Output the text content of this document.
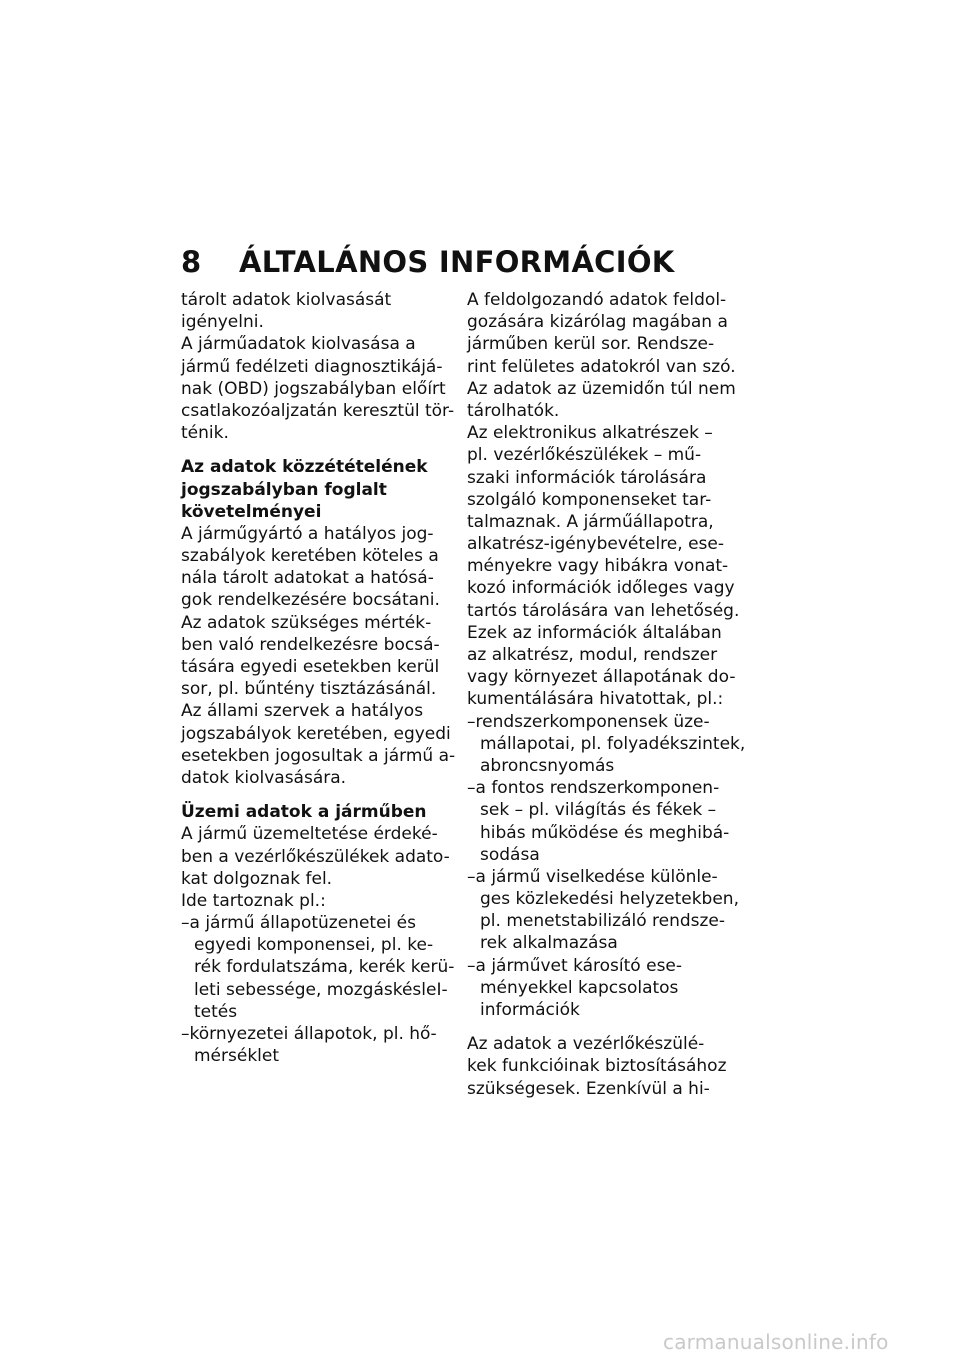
8 ÁLTALÁNOS INFORMÁCIÓK
tárolt adatok kiolvasását
igényelni.
A járműadatok kiolvasása a
jármű fedélzeti diagnosztikájá-
nak (OBD) jogszabályban előírt
csatlakozóaljzatán keresztül tör-
ténik.
Az adatok közzétételének
jogszabályban foglalt
követelményei
A járműgyártó a hatályos jog-
szabályok keretében köteles a
nála tárolt adatokat a hatósá-
gok rendelkezésére bocsátani.
Az adatok szükséges mérték-
ben való rendelkezésre bocsá-
tására egyedi esetekben kerül
sor, pl. bűntény tisztázásánál.
Az állami szervek a hatályos
jogszabályok keretében, egyedi
esetekben jogosultak a jármű a-
datok kiolvasására.
Üzemi adatok a járműben
A jármű üzemeltetése érdeké-
ben a vezérlőkészülékek adato-
kat dolgoznak fel.
Ide tartoznak pl.:
–a jármű állapotüzenetei és
egyedi komponensei, pl. ke-
rék fordulatszáma, kerék kerü-
leti sebessége, mozgáskésleI-
tetés
–környezetei állapotok, pl. hő-
mérséklet
A feldolgozandó adatok feldol-
gozására kizárólag magában a
járműben kerül sor. Rendsze-
rint felületes adatokról van szó.
Az adatok az üzemidőn túl nem
tárolhatók.
Az elektronikus alkatrészek –
pl. vezérlőkészülékek – mű-
szaki információk tárolására
szolgáló komponenseket tar-
talmaznak. A járműállapotra,
alkatrész-igénybevételre, ese-
ményekre vagy hibákra vonat-
kozó információk időleges vagy
tartós tárolására van lehetőség.
Ezek az információk általában
az alkatrész, modul, rendszer
vagy környezet állapotának do-
kumentálására hivatottak, pl.:
–rendszerkomponensek üze-
mállapotai, pl. folyadékszintek,
abroncsnyomás
–a fontos rendszerkomponen-
sek – pl. világítás és fékek –
hibás működése és meghibá-
sodása
–a jármű viselkedése különle-
ges közlekedési helyzetekben,
pl. menetstabilizáló rendsze-
rek alkalmazása
–a járművet károsító ese-
ményekkel kapcsolatos
információk
Az adatok a vezérlőkészülé-
kek funkcióinak biztosításához
szükségesek. Ezenkívül a hi-
carmanualsonline.info
